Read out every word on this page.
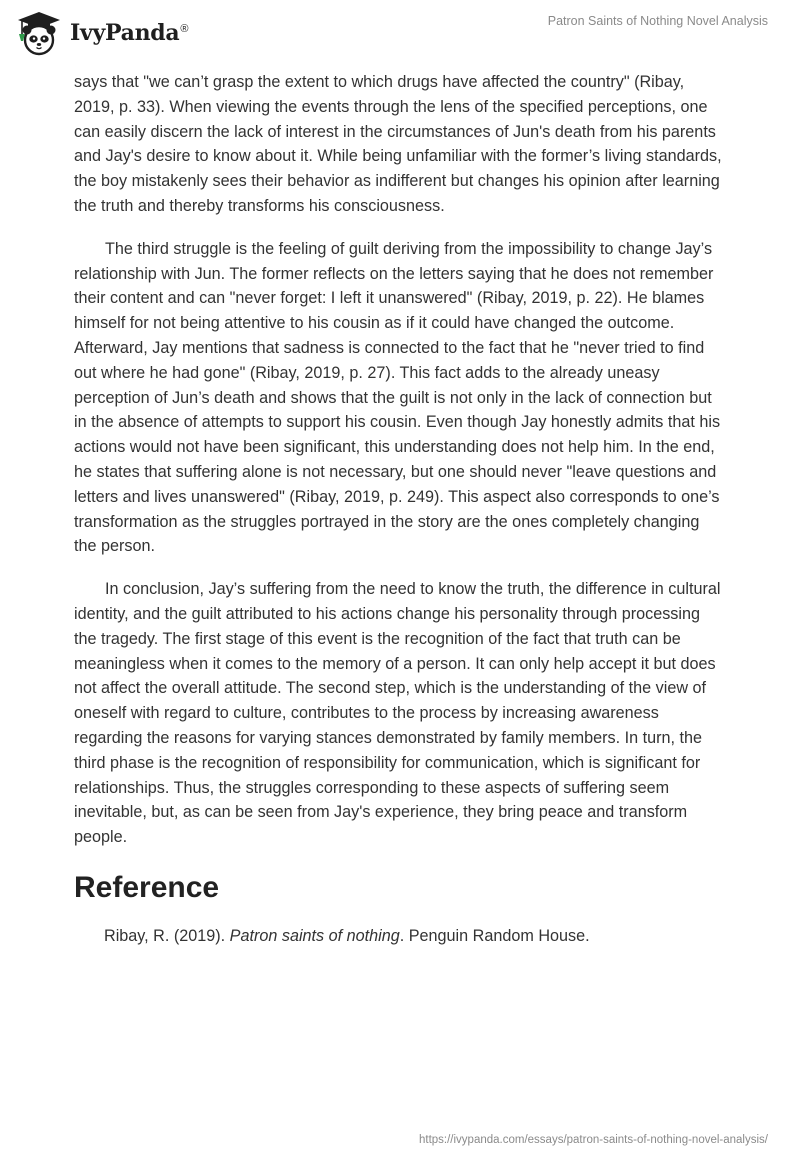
IvyPanda®
Patron Saints of Nothing Novel Analysis

says that "we can’t grasp the extent to which drugs have affected the country" (Ribay, 2019, p. 33). When viewing the events through the lens of the specified perceptions, one can easily discern the lack of interest in the circumstances of Jun's death from his parents and Jay's desire to know about it. While being unfamiliar with the former’s living standards, the boy mistakenly sees their behavior as indifferent but changes his opinion after learning the truth and thereby transforms his consciousness.

The third struggle is the feeling of guilt deriving from the impossibility to change Jay’s relationship with Jun. The former reflects on the letters saying that he does not remember their content and can "never forget: I left it unanswered" (Ribay, 2019, p. 22). He blames himself for not being attentive to his cousin as if it could have changed the outcome. Afterward, Jay mentions that sadness is connected to the fact that he "never tried to find out where he had gone" (Ribay, 2019, p. 27). This fact adds to the already uneasy perception of Jun’s death and shows that the guilt is not only in the lack of connection but in the absence of attempts to support his cousin. Even though Jay honestly admits that his actions would not have been significant, this understanding does not help him. In the end, he states that suffering alone is not necessary, but one should never "leave questions and letters and lives unanswered" (Ribay, 2019, p. 249). This aspect also corresponds to one’s transformation as the struggles portrayed in the story are the ones completely changing the person.

In conclusion, Jay’s suffering from the need to know the truth, the difference in cultural identity, and the guilt attributed to his actions change his personality through processing the tragedy. The first stage of this event is the recognition of the fact that truth can be meaningless when it comes to the memory of a person. It can only help accept it but does not affect the overall attitude. The second step, which is the understanding of the view of oneself with regard to culture, contributes to the process by increasing awareness regarding the reasons for varying stances demonstrated by family members. In turn, the third phase is the recognition of responsibility for communication, which is significant for relationships. Thus, the struggles corresponding to these aspects of suffering seem inevitable, but, as can be seen from Jay's experience, they bring peace and transform people.

Reference

Ribay, R. (2019). Patron saints of nothing. Penguin Random House.

https://ivypanda.com/essays/patron-saints-of-nothing-novel-analysis/
